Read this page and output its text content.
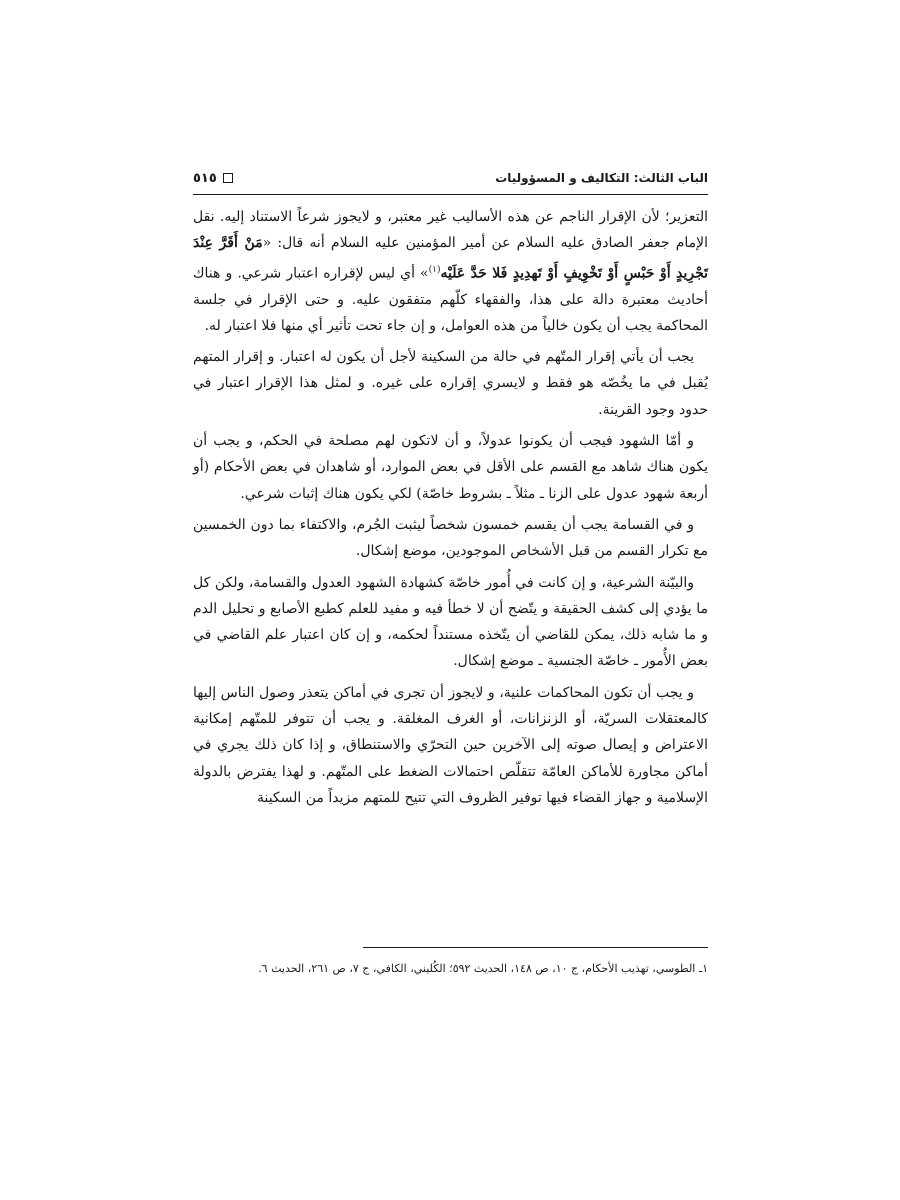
٥١٥	الباب الثالث: التكاليف و المسؤوليات

التعزير؛ لأن الإقرار الناجم عن هذه الأساليب غير معتبر، و لايجوز شرعاً الاستناد إليه. نقل الإمام جعفر الصادق عليه السلام عن أمير المؤمنين عليه السلام أنه قال: «مَنْ أَقَرَّ عِنْدَ تَجْرِيدٍ أَوْ حَبْسٍ أَوْ تَخْوِيفٍ أَوْ تَهدِيدٍ فَلا حَدَّ عَلَيْه$^{(١)}$» أي ليس لإقراره اعتبار شرعي. و هناك أحاديث معتبرة دالة على هذا، والفقهاء كلّهم متفقون عليه. و حتى الإقرار في جلسة المحاكمة يجب أن يكون خالياً من هذه العوامل، و إن جاء تحت تأثير أي منها فلا اعتبار له.

يجب أن يأتي إقرار المتّهم في حالة من السكينة لأجل أن يكون له اعتبار. و إقرار المتهم يُقبل في ما يخُصّه هو فقط و لايسري إقراره على غيره. و لمثل هذا الإقرار اعتبار في حدود وجود القرينة.

و أمّا الشهود فيجب أن يكونوا عدولاً، و أن لاتكون لهم مصلحة في الحكم، و يجب أن يكون هناك شاهد مع القسم على الأقل في بعض الموارد، أو شاهدان في بعض الأحكام (أو أربعة شهود عدول على الزنا ـ مثلاً ـ بشروط خاصّة) لكي يكون هناك إثبات شرعي.

و في القسامة يجب أن يقسم خمسون شخصاً ليثبت الجُرم، والاكتفاء بما دون الخمسين مع تكرار القسم من قبل الأشخاص الموجودين، موضع إشكال.

والبيّنة الشرعية، و إن كانت في أُمور خاصّة كشهادة الشهود العدول والقسامة، ولكن كل ما يؤدي إلى كشف الحقيقة و يتّضح أن لا خطأ فيه و مفيد للعلم كطبع الأصابع و تحليل الدم و ما شابه ذلك، يمكن للقاضي أن يتّخذه مستنداً لحكمه، و إن كان اعتبار علم القاضي في بعض الأُمور ـ خاصّة الجنسية ـ موضع إشكال.

و يجب أن تكون المحاكمات علنية، و لايجوز أن تجرى في أماكن يتعذر وصول الناس إليها كالمعتقلات السريّة، أو الزنزانات، أو الغرف المغلقة. و يجب أن تتوفر للمتّهم إمكانية الاعتراض و إيصال صوته إلى الآخرين حين التحرّي والاستنطاق، و إذا كان ذلك يجري في أماكن مجاورة للأماكن العامّة تتقلّص احتمالات الضغط على المتّهم. و لهذا يفترض بالدولة الإسلامية و جهاز القضاء فيها توفير الظروف التي تتيح للمتهم مزيداً من السكينة

١ـ الطوسي، تهذيب الأحكام، ج ١٠، ص ١٤٨، الحديث ٥٩٢؛ الكُليني، الكافي، ج ٧، ص ٢٦١، الحديث ٦.
